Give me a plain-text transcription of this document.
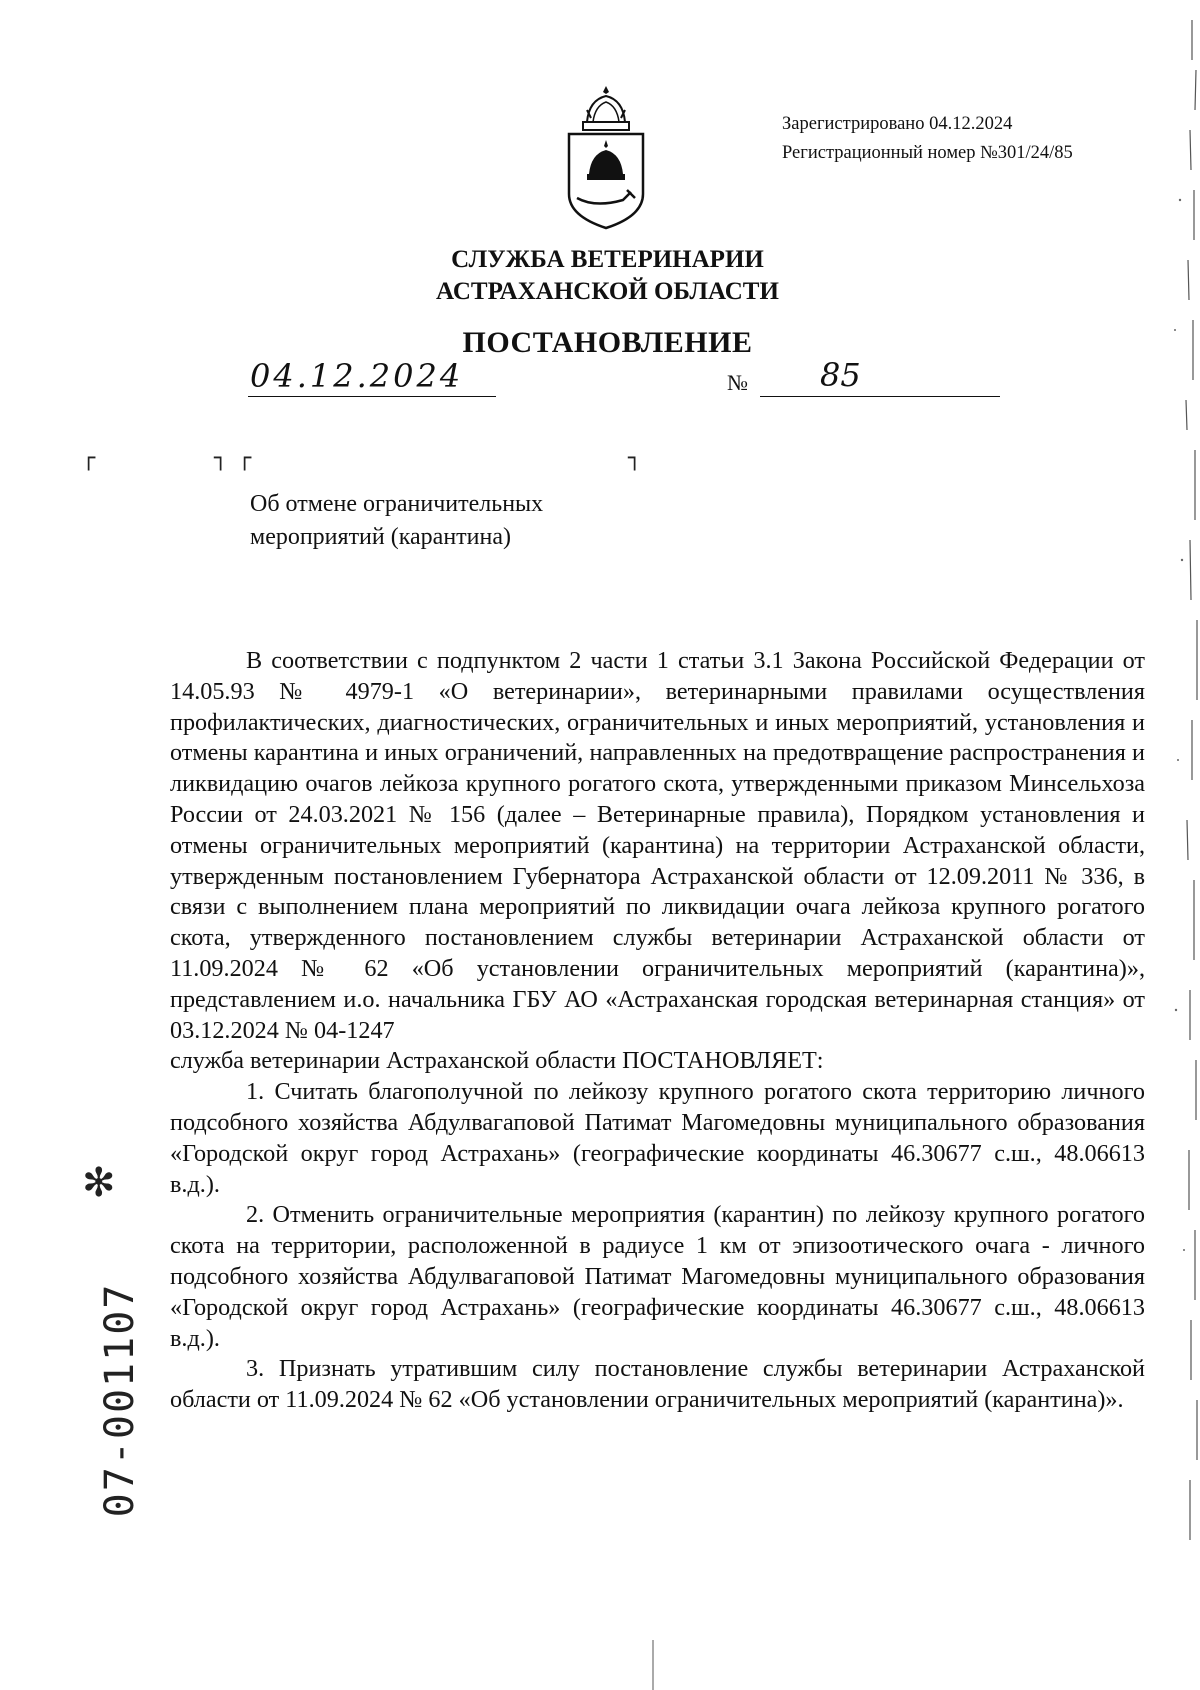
Зарегистрировано 04.12.2024
Регистрационный номер №301/24/85
СЛУЖБА ВЕТЕРИНАРИИ
АСТРАХАНСКОЙ ОБЛАСТИ
ПОСТАНОВЛЕНИЕ
04.12.2024	№ 85
┌	┐ ┌	┐
Об отмене ограничительных
мероприятий (карантина)

В соответствии с подпунктом 2 части 1 статьи 3.1 Закона Российской Федерации от 14.05.93 № 4979-1 «О ветеринарии», ветеринарными правилами осуществления профилактических, диагностических, ограничительных и иных мероприятий, установления и отмены карантина и иных ограничений, направленных на предотвращение распространения и ликвидацию очагов лейкоза крупного рогатого скота, утвержденными приказом Минсельхоза России от 24.03.2021 № 156 (далее – Ветеринарные правила), Порядком установления и отмены ограничительных мероприятий (карантина) на территории Астраханской области, утвержденным постановлением Губернатора Астраханской области от 12.09.2011 № 336, в связи с выполнением плана мероприятий по ликвидации очага лейкоза крупного рогатого скота, утвержденного постановлением службы ветеринарии Астраханской области от 11.09.2024 № 62 «Об установлении ограничительных мероприятий (карантина)», представлением и.о. начальника ГБУ АО «Астраханская городская ветеринарная станция» от 03.12.2024 № 04-1247

служба ветеринарии Астраханской области ПОСТАНОВЛЯЕТ:

1. Считать благополучной по лейкозу крупного рогатого скота территорию личного подсобного хозяйства Абдулвагаповой Патимат Магомедовны муниципального образования «Городской округ город Астрахань» (географические координаты 46.30677 с.ш., 48.06613 в.д.).

2. Отменить ограничительные мероприятия (карантин) по лейкозу крупного рогатого скота на территории, расположенной в радиусе 1 км от эпизоотического очага - личного подсобного хозяйства Абдулвагаповой Патимат Магомедовны муниципального образования «Городской округ город Астрахань» (географические координаты 46.30677 с.ш., 48.06613 в.д.).

3. Признать утратившим силу постановление службы ветеринарии Астраханской области от 11.09.2024 № 62 «Об установлении ограничительных мероприятий (карантина)».

✻
07-001107
